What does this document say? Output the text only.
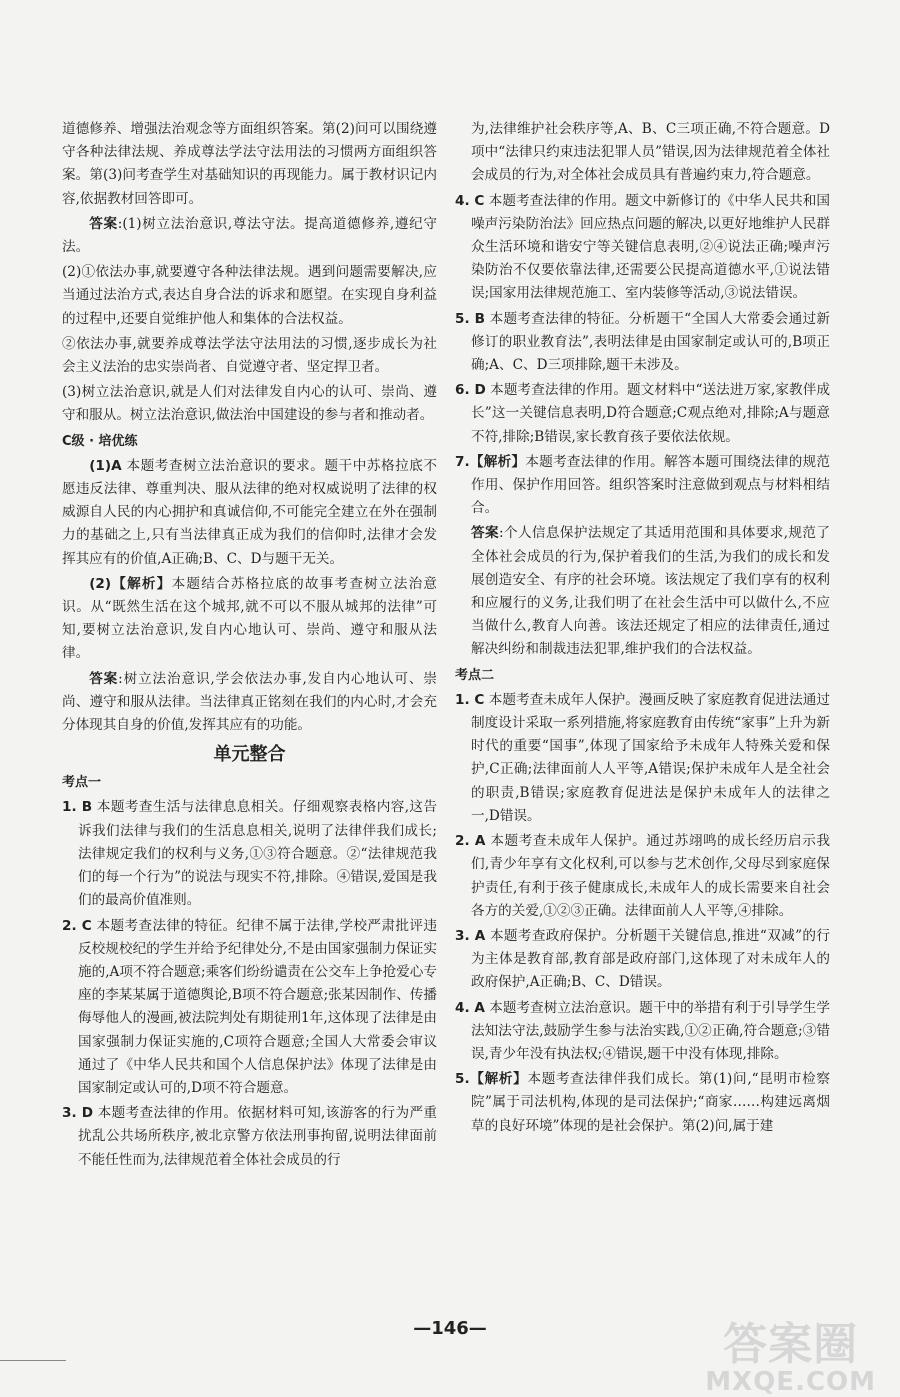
道德修养、增强法治观念等方面组织答案。第(2)问可以围绕遵守各种法律法规、养成尊法学法守法用法的习惯两方面组织答案。第(3)问考查学生对基础知识的再现能力。属于教材识记内容,依据教材回答即可。

答案:(1)树立法治意识,尊法守法。提高道德修养,遵纪守法。

(2)①依法办事,就要遵守各种法律法规。遇到问题需要解决,应当通过法治方式,表达自身合法的诉求和愿望。在实现自身利益的过程中,还要自觉维护他人和集体的合法权益。

②依法办事,就要养成尊法学法守法用法的习惯,逐步成长为社会主义法治的忠实崇尚者、自觉遵守者、坚定捍卫者。

(3)树立法治意识,就是人们对法律发自内心的认可、崇尚、遵守和服从。树立法治意识,做法治中国建设的参与者和推动者。

C级 · 培优练

(1)A 本题考查树立法治意识的要求。题干中苏格拉底不愿违反法律、尊重判决、服从法律的绝对权威说明了法律的权威源自人民的内心拥护和真诚信仰,不可能完全建立在外在强制力的基础之上,只有当法律真正成为我们的信仰时,法律才会发挥其应有的价值,A正确;B、C、D与题干无关。

(2)【解析】本题结合苏格拉底的故事考查树立法治意识。从“既然生活在这个城邦,就不可以不服从城邦的法律”可知,要树立法治意识,发自内心地认可、崇尚、遵守和服从法律。

答案:树立法治意识,学会依法办事,发自内心地认可、崇尚、遵守和服从法律。当法律真正铭刻在我们的内心时,才会充分体现其自身的价值,发挥其应有的功能。

单元整合
考点一

1. B 本题考查生活与法律息息相关。仔细观察表格内容,这告诉我们法律与我们的生活息息相关,说明了法律伴我们成长;法律规定我们的权利与义务,①③符合题意。②“法律规范我们的每一个行为”的说法与现实不符,排除。④错误,爱国是我们的最高价值准则。

2. C 本题考查法律的特征。纪律不属于法律,学校严肃批评违反校规校纪的学生并给予纪律处分,不是由国家强制力保证实施的,A项不符合题意;乘客们纷纷谴责在公交车上争抢爱心专座的李某某属于道德舆论,B项不符合题意;张某因制作、传播侮辱他人的漫画,被法院判处有期徒刑1年,这体现了法律是由国家强制力保证实施的,C项符合题意;全国人大常委会审议通过了《中华人民共和国个人信息保护法》体现了法律是由国家制定或认可的,D项不符合题意。

3. D 本题考查法律的作用。依据材料可知,该游客的行为严重扰乱公共场所秩序,被北京警方依法刑事拘留,说明法律面前不能任性而为,法律规范着全体社会成员的行

为,法律维护社会秩序等,A、B、C三项正确,不符合题意。D项中“法律只约束违法犯罪人员”错误,因为法律规范着全体社会成员的行为,对全体社会成员具有普遍约束力,符合题意。

4. C 本题考查法律的作用。题文中新修订的《中华人民共和国噪声污染防治法》回应热点问题的解决,以更好地维护人民群众生活环境和谐安宁等关键信息表明,②④说法正确;噪声污染防治不仅要依靠法律,还需要公民提高道德水平,①说法错误;国家用法律规范施工、室内装修等活动,③说法错误。

5. B 本题考查法律的特征。分析题干“全国人大常委会通过新修订的职业教育法”,表明法律是由国家制定或认可的,B项正确;A、C、D三项排除,题干未涉及。

6. D 本题考查法律的作用。题文材料中“送法进万家,家教伴成长”这一关键信息表明,D符合题意;C观点绝对,排除;A与题意不符,排除;B错误,家长教育孩子要依法依规。

7.【解析】本题考查法律的作用。解答本题可围绕法律的规范作用、保护作用回答。组织答案时注意做到观点与材料相结合。

答案:个人信息保护法规定了其适用范围和具体要求,规范了全体社会成员的行为,保护着我们的生活,为我们的成长和发展创造安全、有序的社会环境。该法规定了我们享有的权利和应履行的义务,让我们明了在社会生活中可以做什么,不应当做什么,教育人向善。该法还规定了相应的法律责任,通过解决纠纷和制裁违法犯罪,维护我们的合法权益。

考点二

1. C 本题考查未成年人保护。漫画反映了家庭教育促进法通过制度设计采取一系列措施,将家庭教育由传统“家事”上升为新时代的重要“国事”,体现了国家给予未成年人特殊关爱和保护,C正确;法律面前人人平等,A错误;保护未成年人是全社会的职责,B错误;家庭教育促进法是保护未成年人的法律之一,D错误。

2. A 本题考查未成年人保护。通过苏翊鸣的成长经历启示我们,青少年享有文化权利,可以参与艺术创作,父母尽到家庭保护责任,有利于孩子健康成长,未成年人的成长需要来自社会各方的关爱,①②③正确。法律面前人人平等,④排除。

3. A 本题考查政府保护。分析题干关键信息,推进“双减”的行为主体是教育部,教育部是政府部门,这体现了对未成年人的政府保护,A正确;B、C、D错误。

4. A 本题考查树立法治意识。题干中的举措有利于引导学生学法知法守法,鼓励学生参与法治实践,①②正确,符合题意;③错误,青少年没有执法权;④错误,题干中没有体现,排除。

5.【解析】本题考查法律伴我们成长。第(1)问,“昆明市检察院”属于司法机构,体现的是司法保护;“商家……构建远离烟草的良好环境”体现的是社会保护。第(2)问,属于建

—146—	答案圈
MXQE.COM
